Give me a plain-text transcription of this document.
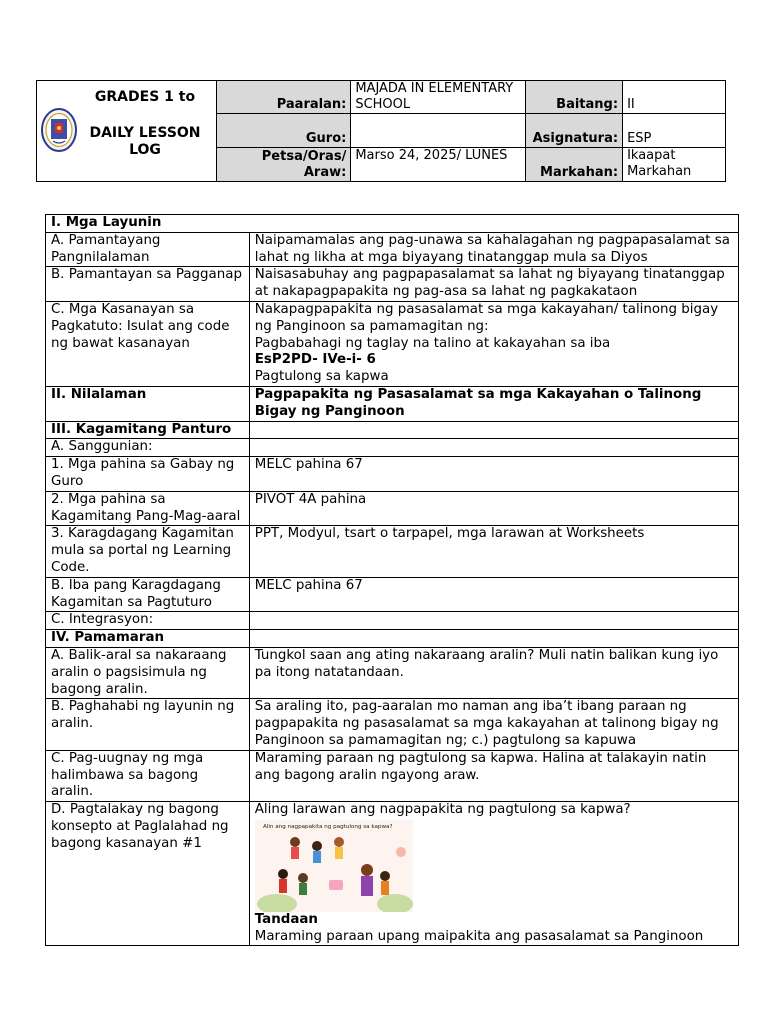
GRADES 1 to
DAILY LESSON LOG	Paaralan:	MAJADA IN ELEMENTARY SCHOOL	Baitang:	II
	Guro:		Asignatura:	ESP
	Petsa/Oras/ Araw:	Marso 24, 2025/ LUNES	Markahan:	Ikaapat Markahan
I. Mga Layunin	
A. Pamantayang Pangnilalaman	Naipamamalas ang pag-unawa sa kahalagahan ng pagpapasalamat sa lahat ng likha at mga biyayang tinatanggap mula sa Diyos
B. Pamantayan sa Pagganap	Naisasabuhay ang pagpapasalamat sa lahat ng biyayang tinatanggap at nakapagpapakita ng pag-asa sa lahat ng pagkakataon
C. Mga Kasanayan sa Pagkatuto: Isulat ang code ng bawat kasanayan	Nakapagpapakita ng pasasalamat sa mga kakayahan/ talinong bigay ng Panginoon sa pamamagitan ng:
Pagbabahagi ng taglay na talino at kakayahan sa iba
EsP2PD- IVe-i- 6
Pagtulong sa kapwa

II. Nilalaman	Pagpapakita ng Pasasalamat sa mga Kakayahan o Talinong Bigay ng Panginoon
III. Kagamitang Panturo	
A. Sanggunian:	
1. Mga pahina sa Gabay ng Guro	MELC pahina 67
2. Mga pahina sa Kagamitang Pang-Mag-aaral	PIVOT 4A pahina
3. Karagdagang Kagamitan mula sa portal ng Learning Code.	PPT, Modyul, tsart o tarpapel, mga larawan at Worksheets
B. Iba pang Karagdagang Kagamitan sa Pagtuturo	MELC pahina 67
C. Integrasyon:	
IV. Pamamaran	
A. Balik-aral sa nakaraang aralin o pagsisimula ng bagong aralin.	Tungkol saan ang ating nakaraang aralin? Muli natin balikan kung iyo pa itong natatandaan.
B. Paghahabi ng layunin ng aralin.	Sa araling ito, pag-aaralan mo naman ang iba’t ibang paraan ng pagpapakita ng pasasalamat sa mga kakayahan at talinong bigay ng Panginoon sa pamamagitan ng; c.) pagtulong sa kapuwa
C. Pag-uugnay ng mga halimbawa sa bagong aralin.	Maraming paraan ng pagtulong sa kapwa. Halina at talakayin natin ang bagong aralin ngayong araw.
D. Pagtalakay ng bagong konsepto at Paglalahad ng bagong kasanayan #1	Aling larawan ang nagpapakita ng pagtulong sa kapwa?
Alin ang nagpapakita ng pagtulong sa kapwa?
Tandaan
Maraming paraan upang maipakita ang pasasalamat sa Panginoon
